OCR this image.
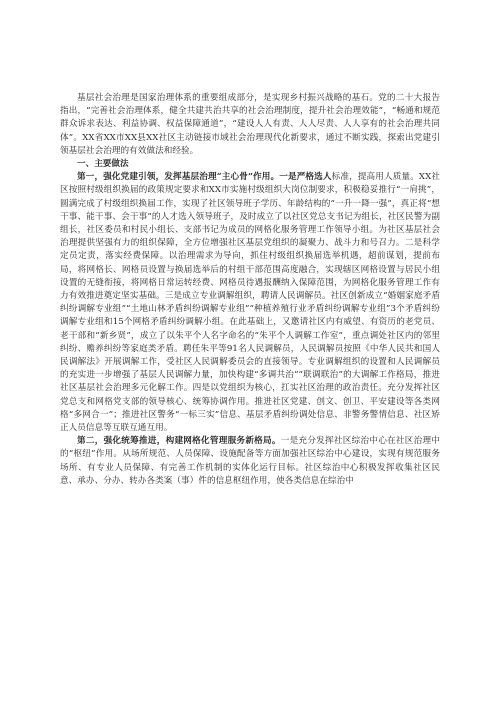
基层社会治理是国家治理体系的重要组成部分，是实现乡村振兴战略的基石。党的二十大报告指出，“完善社会治理体系，健全共建共治共享的社会治理制度，提升社会治理效能”，“畅通和规范群众诉求表达、利益协调、权益保障通道”，“建设人人有责、人人尽责、人人享有的社会治理共同体”。XX省XX市XX县XX社区主动链接市域社会治理现代化新要求，通过不断实践，探索出党建引领基层社会治理的有效做法和经验。

一、主要做法

第一，强化党建引领，发挥基层治理“主心骨”作用。一是严格选人标准，提高用人质量。XX社区按照村级组织换届的政策规定要求和XX市实施村级组织大岗位制要求，积极稳妥推行“一肩挑”，圆满完成了村级组织换届工作，实现了社区领导班子学历、年龄结构的“一升一降一强”，真正将“想干事、能干事、会干事”的人才选入领导班子，及时成立了以社区党总支书记为组长，社区民警为副组长，社区委员和村民小组长、支部书记为成员的网格化服务管理工作领导小组。为社区基层社会治理提供坚强有力的组织保障，全方位增强社区基层党组织的凝聚力、战斗力和号召力。二是科学定员定责，落实经费保障。以治理需求为导向，抓住村级组织换届选举机遇，超前谋划，提前布局，将网格长、网格员设置与换届选举后的村组干部范围高度融合，实现辖区网格设置与居民小组设置的无缝衔接，将网格日常运转经费、网格员待遇报酬纳入保障范围，为网格化服务管理工作有力有效推进奠定坚实基础。三是成立专业调解组织，聘请人民调解员。社区创新成立“婚姻家庭矛盾纠纷调解专业组”“土地山林矛盾纠纷调解专业组”“种植养殖行业矛盾纠纷调解专业组”3个矛盾纠纷调解专业组和15个网格矛盾纠纷调解小组。在此基础上，又邀请社区内有威望、有资历的老党员、老干部和“新乡贤”，成立了以朱平个人名字命名的“朱平个人调解工作室”，重点调处社区内的邻里纠纷、赡养纠纷等家庭类矛盾。聘任朱平等91名人民调解员，人民调解员按照《中华人民共和国人民调解法》开展调解工作，受社区人民调解委员会的直接领导。专业调解组织的设置和人民调解员的充实进一步增强了基层人民调解力量，加快构建“多调共治”“联调联治”的大调解工作格局，推进社区基层社会治理多元化解工作。四是以党组织为核心，扛实社区治理的政治责任。充分发挥社区党总支和网格党支部的领导核心、统筹协调作用。推进社区党建、创文、创卫、平安建设等各类网格“多网合一”；推进社区警务“一标三实”信息、基层矛盾纠纷调处信息、非警务警情信息、社区矫正人员信息等互联互通互用。

第二，强化统筹推进，构建网格化管理服务新格局。一是充分发挥社区综治中心在社区治理中的“枢纽”作用。从场所规范、人员保障、设施配备等方面加强社区综治中心建设，实现有规范服务场所、有专业人员保障、有完善工作机制的实体化运行目标。社区综治中心积极发挥收集社区民意、承办、分办、转办各类案（事）件的信息枢纽作用，使各类信息在综治中
